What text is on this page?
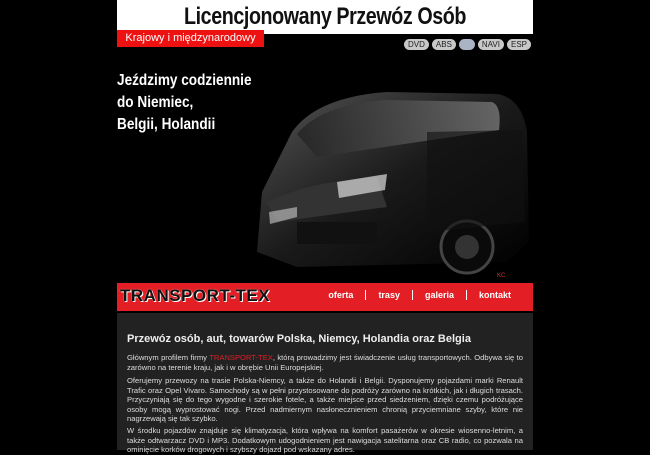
Licencjonowany Przewóz Osób
Krajowy i międzynarodowy
DVD	ABS	NAVI	ESP
Jeździmy codziennie
do Niemiec,
Belgii, Holandii
KC
TRANSPORT-TEX	oferta	trasy	galeria	kontakt
Przewóz osób, aut, towarów Polska, Niemcy, Holandia oraz Belgia

Głównym profilem firmy TRANSPORT-TEX, którą prowadzimy jest świadczenie usług transportowych. Odbywa się to zarówno na terenie kraju, jak i w obrębie Unii Europejskiej.

Oferujemy przewozy na trasie Polska-Niemcy, a także do Holandii i Belgii. Dysponujemy pojazdami marki Renault Trafic oraz Opel Vivaro. Samochody są w pełni przystosowane do podróży zarówno na krótkich, jak i długich trasach. Przyczyniają się do tego wygodne i szerokie fotele, a także miejsce przed siedzeniem, dzięki czemu podróżujące osoby mogą wyprostować nogi. Przed nadmiernym nasłonecznieniem chronią przyciemniane szyby, które nie nagrzewają się tak szybko.

W środku pojazdów znajduje się klimatyzacja, która wpływa na komfort pasażerów w okresie wiosenno-letnim, a także odtwarzacz DVD i MP3. Dodatkowym udogodnieniem jest nawigacja satelitarna oraz CB radio, co pozwala na ominięcie korków drogowych i szybszy dojazd pod wskazany adres.
